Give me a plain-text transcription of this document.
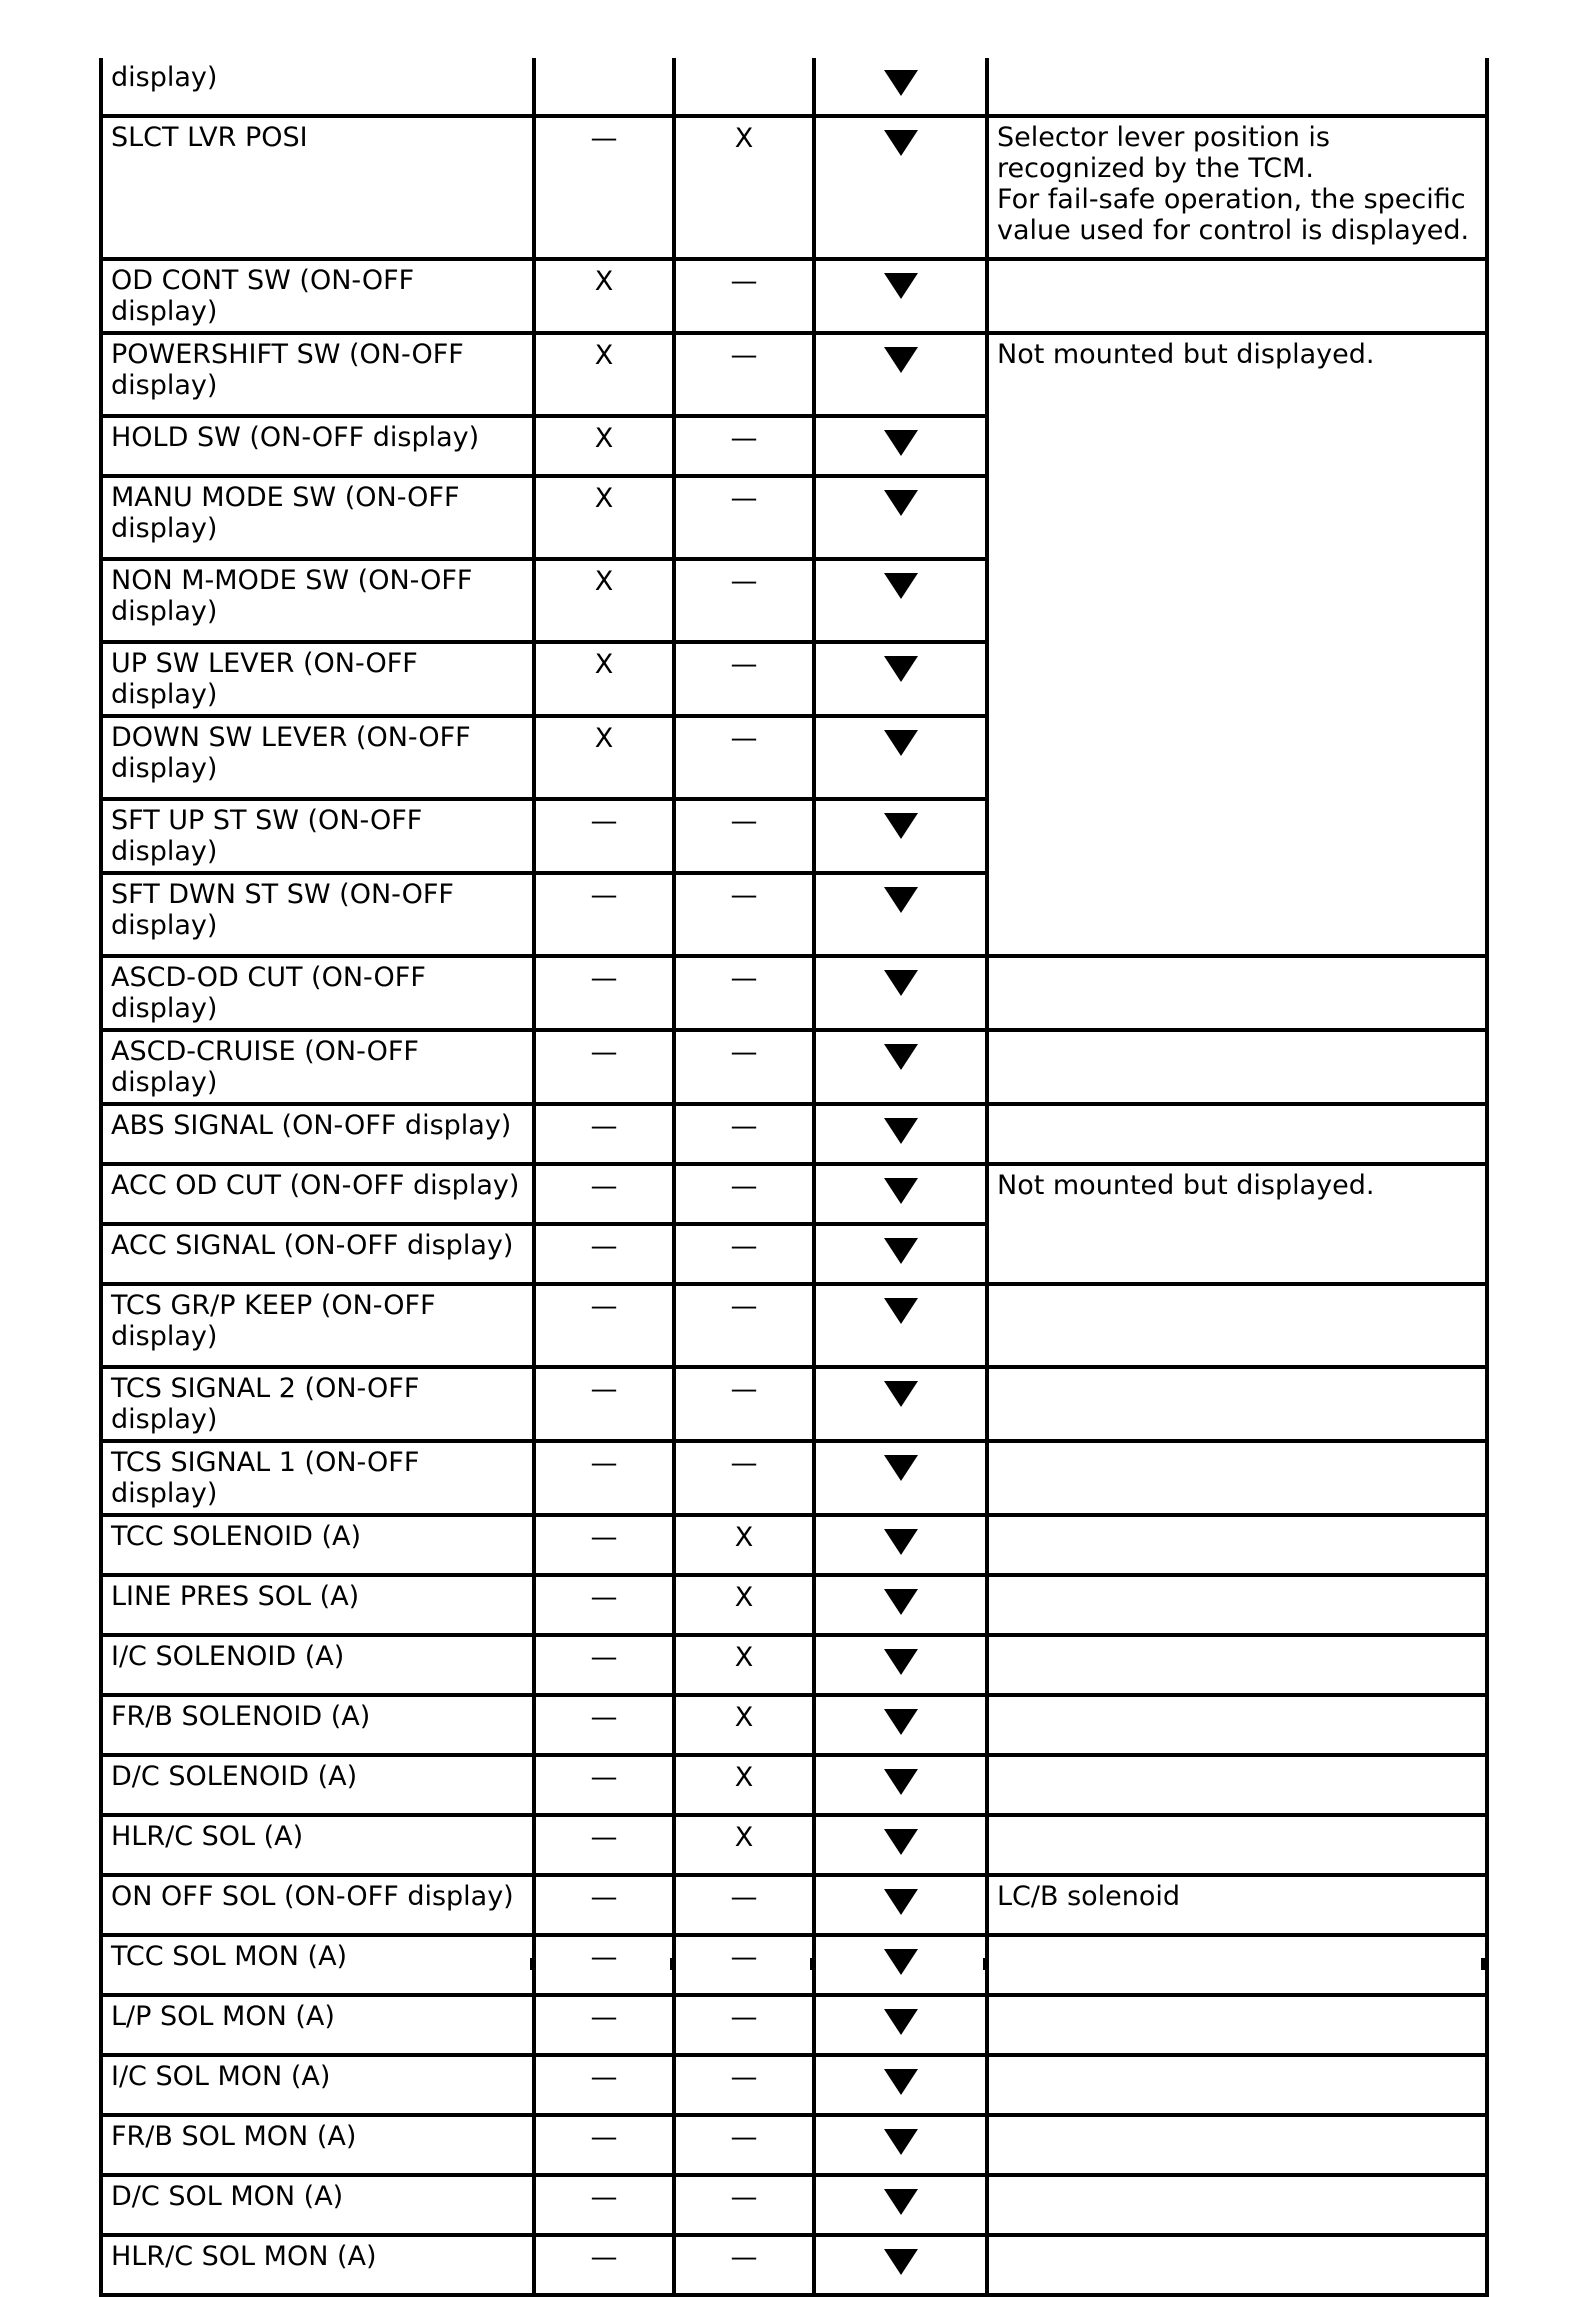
display)				
SLCT LVR POSI	—	X		Selector lever position is recognized by the TCM.
For fail-safe operation, the specific value used for control is displayed.
OD CONT SW (ON-OFF display)	X	—		
POWERSHIFT SW (ON-OFF display)	X	—		Not mounted but displayed.
HOLD SW (ON-OFF display)	X	—		
MANU MODE SW (ON-OFF display)	X	—		
NON M-MODE SW (ON-OFF display)	X	—		
UP SW LEVER (ON-OFF display)	X	—		
DOWN SW LEVER (ON-OFF display)	X	—		
SFT UP ST SW (ON-OFF display)	—	—		
SFT DWN ST SW (ON-OFF display)	—	—		
ASCD-OD CUT (ON-OFF display)	—	—		
ASCD-CRUISE (ON-OFF display)	—	—		
ABS SIGNAL (ON-OFF display)	—	—		
ACC OD CUT (ON-OFF display)	—	—		Not mounted but displayed.
ACC SIGNAL (ON-OFF display)	—	—		
TCS GR/P KEEP (ON-OFF display)	—	—		
TCS SIGNAL 2 (ON-OFF display)	—	—		
TCS SIGNAL 1 (ON-OFF display)	—	—		
TCC SOLENOID (A)	—	X		
LINE PRES SOL (A)	—	X		
I/C SOLENOID (A)	—	X		
FR/B SOLENOID (A)	—	X		
D/C SOLENOID (A)	—	X		
HLR/C SOL (A)	—	X		
ON OFF SOL (ON-OFF display)	—	—		LC/B solenoid
TCC SOL MON (A)	—	—		
L/P SOL MON (A)	—	—		
I/C SOL MON (A)	—	—		
FR/B SOL MON (A)	—	—		
D/C SOL MON (A)	—	—		
HLR/C SOL MON (A)	—	—		
